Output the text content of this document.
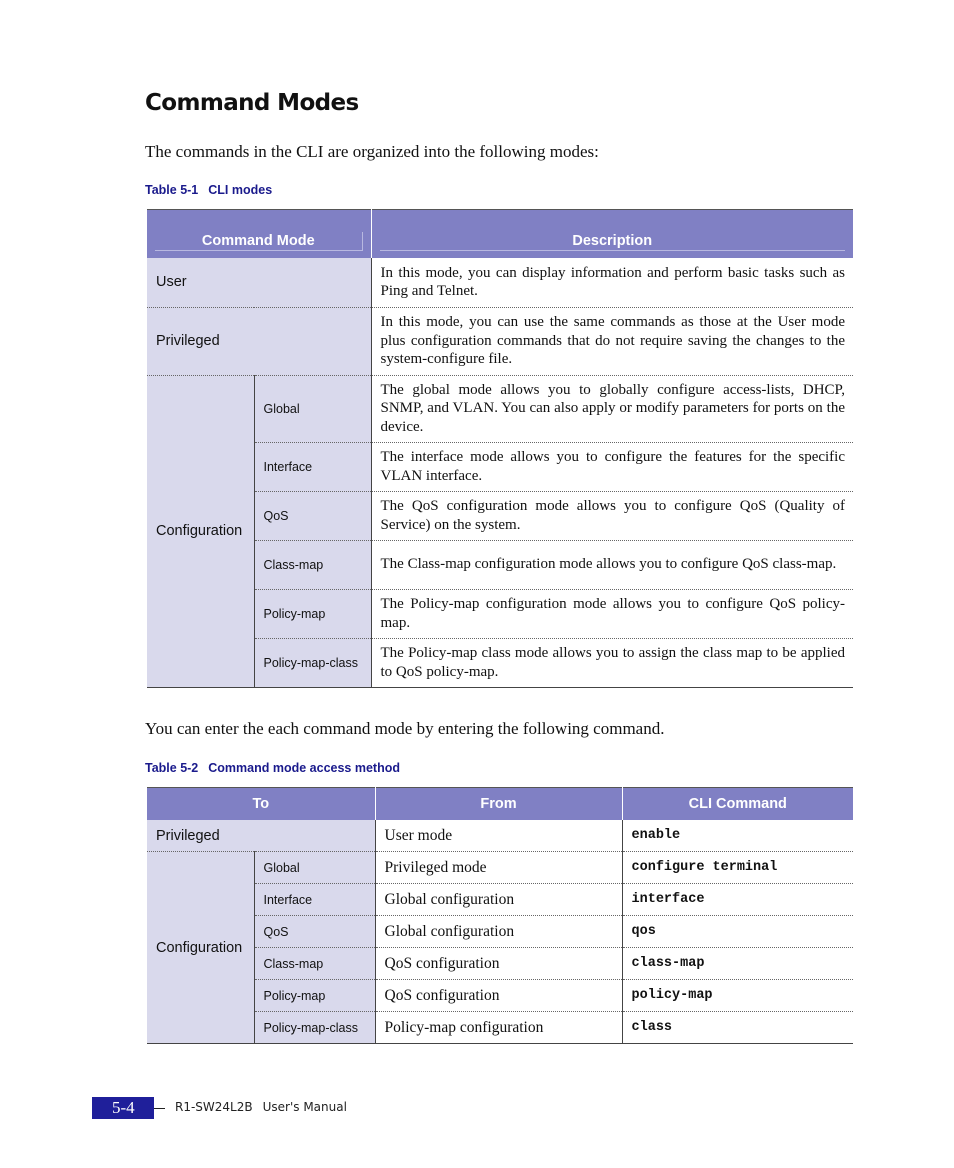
Command Modes

The commands in the CLI are organized into the following modes:

Table 5-1 CLI modes

Command Mode		Description

User		In this mode, you can display information and perform basic tasks such as Ping and Telnet.
Privileged		In this mode, you can use the same commands as those at the User mode plus configuration commands that do not require saving the changes to the system-configure file.
Configuration	Global	The global mode allows you to globally configure access-lists, DHCP, SNMP, and VLAN. You can also apply or modify parameters for ports on the device.
	Interface	The interface mode allows you to configure the features for the specific VLAN interface.
	QoS	The QoS configuration mode allows you to configure QoS (Quality of Service) on the system.
	Class-map	The Class-map configuration mode allows you to configure QoS class-map.
	Policy-map	The Policy-map configuration mode allows you to configure QoS policy-map.
	Policy-map-class	The Policy-map class mode allows you to assign the class map to be applied to QoS policy-map.

You can enter the each command mode by entering the following command.

Table 5-2 Command mode access method

To		From	CLI Command
Privileged		User mode	enable
Configuration	Global	Privileged mode	configure terminal
	Interface	Global configuration	interface
	QoS	Global configuration	qos
	Class-map	QoS configuration	class-map
	Policy-map	QoS configuration	policy-map
	Policy-map-class	Policy-map configuration	class
5-4	R1-SW24L2B User's Manual
